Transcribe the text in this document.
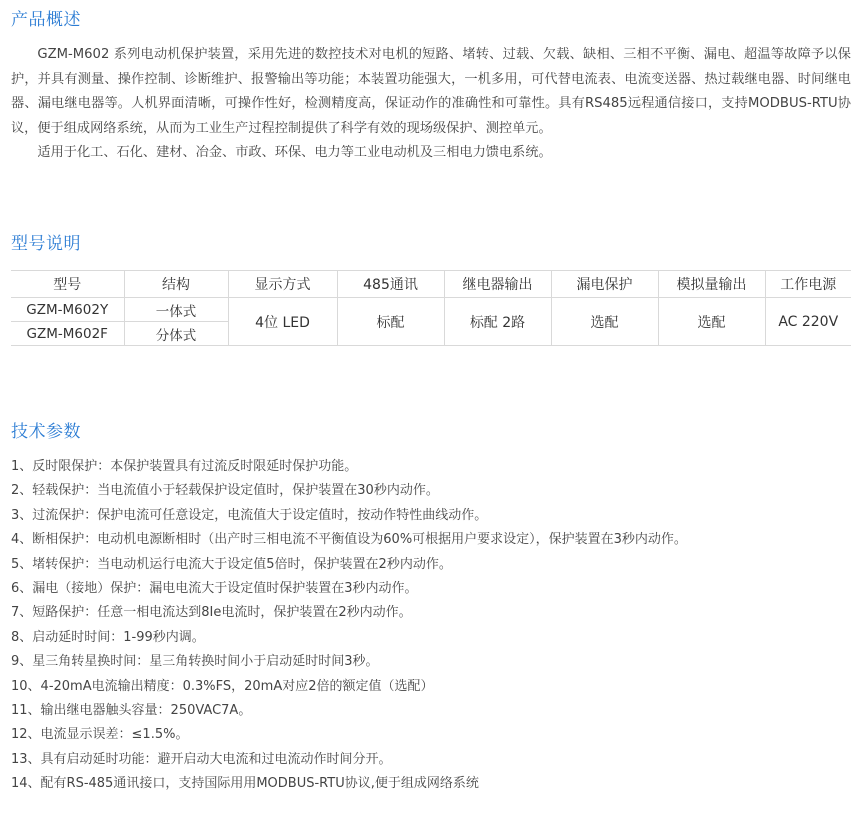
产品概述

GZM-M602 系列电动机保护装置，采用先进的数控技术对电机的短路、堵转、过载、欠载、缺相、三相不平衡、漏电、超温等故障予以保护，并具有测量、操作控制、诊断维护、报警输出等功能；本装置功能强大，一机多用，可代替电流表、电流变送器、热过载继电器、时间继电器、漏电继电器等。人机界面清晰，可操作性好，检测精度高，保证动作的准确性和可靠性。具有RS485远程通信接口，支持MODBUS-RTU协议，便于组成网络系统，从而为工业生产过程控制提供了科学有效的现场级保护、测控单元。

适用于化工、石化、建材、冶金、市政、环保、电力等工业电动机及三相电力馈电系统。

型号说明
型号	结构	显示方式	485通讯	继电器输出	漏电保护	模拟量输出	工作电源
GZM-M602Y	一体式	4位 LED	标配	标配 2路	选配	选配	AC 220V
GZM-M602F	分体式						
技术参数
1、反时限保护：本保护装置具有过流反时限延时保护功能。
2、轻载保护：当电流值小于轻载保护设定值时，保护装置在30秒内动作。
3、过流保护：保护电流可任意设定，电流值大于设定值时，按动作特性曲线动作。
4、断相保护：电动机电源断相时（出产时三相电流不平衡值设为60%可根据用户要求设定），保护装置在3秒内动作。
5、堵转保护：当电动机运行电流大于设定值5倍时，保护装置在2秒内动作。
6、漏电（接地）保护：漏电电流大于设定值时保护装置在3秒内动作。
7、短路保护：任意一相电流达到8Ie电流时，保护装置在2秒内动作。
8、启动延时时间：1-99秒内调。
9、星三角转星换时间：星三角转换时间小于启动延时时间3秒。
10、4-20mA电流输出精度：0.3%FS，20mA对应2倍的额定值（选配）
11、输出继电器触头容量：250VAC7A。
12、电流显示误差：≤1.5%。
13、具有启动延时功能：避开启动大电流和过电流动作时间分开。
14、配有RS-485通讯接口，支持国际用用MODBUS-RTU协议,便于组成网络系统
